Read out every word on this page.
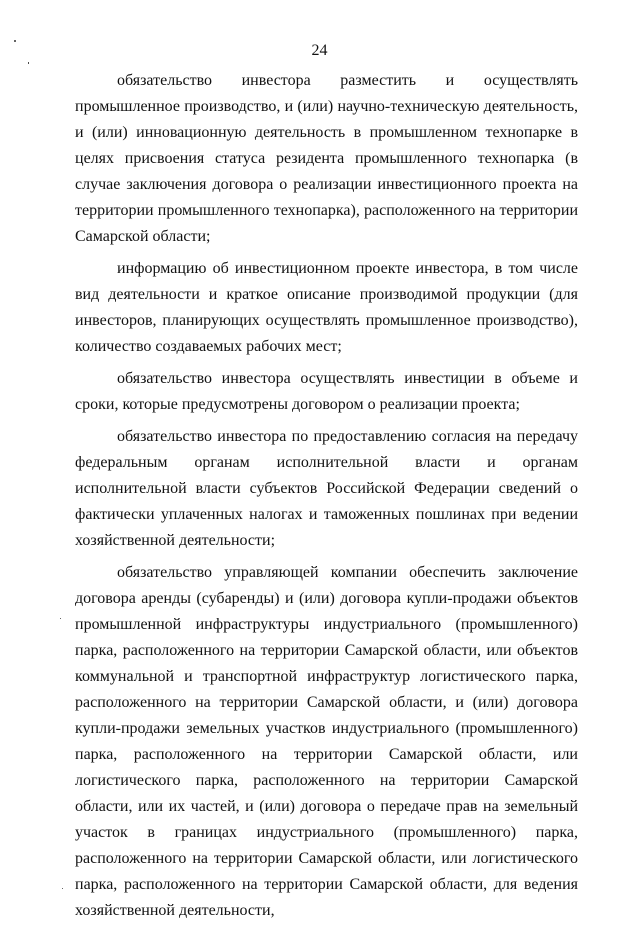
24

обязательство инвестора разместить и осуществлять промышленное производство, и (или) научно-техническую деятельность, и (или) инновационную деятельность в промышленном технопарке в целях присвоения статуса резидента промышленного технопарка (в случае заключения договора о реализации инвестиционного проекта на территории промышленного технопарка), расположенного на территории Самарской области;

информацию об инвестиционном проекте инвестора, в том числе вид деятельности и краткое описание производимой продукции (для инвесторов, планирующих осуществлять промышленное производство), количество создаваемых рабочих мест;

обязательство инвестора осуществлять инвестиции в объеме и сроки, которые предусмотрены договором о реализации проекта;

обязательство инвестора по предоставлению согласия на передачу федеральным органам исполнительной власти и органам исполнительной власти субъектов Российской Федерации сведений о фактически уплаченных налогах и таможенных пошлинах при ведении хозяйственной деятельности;

обязательство управляющей компании обеспечить заключение договора аренды (субаренды) и (или) договора купли-продажи объектов промышленной инфраструктуры индустриального (промышленного) парка, расположенного на территории Самарской области, или объектов коммунальной и транспортной инфраструктур логистического парка, расположенного на территории Самарской области, и (или) договора купли-продажи земельных участков индустриального (промышленного) парка, расположенного на территории Самарской области, или логистического парка, расположенного на территории Самарской области, или их частей, и (или) договора о передаче прав на земельный участок в границах индустриального (промышленного) парка, расположенного на территории Самарской области, или логистического парка, расположенного на территории Самарской области, для ведения хозяйственной деятельности,
